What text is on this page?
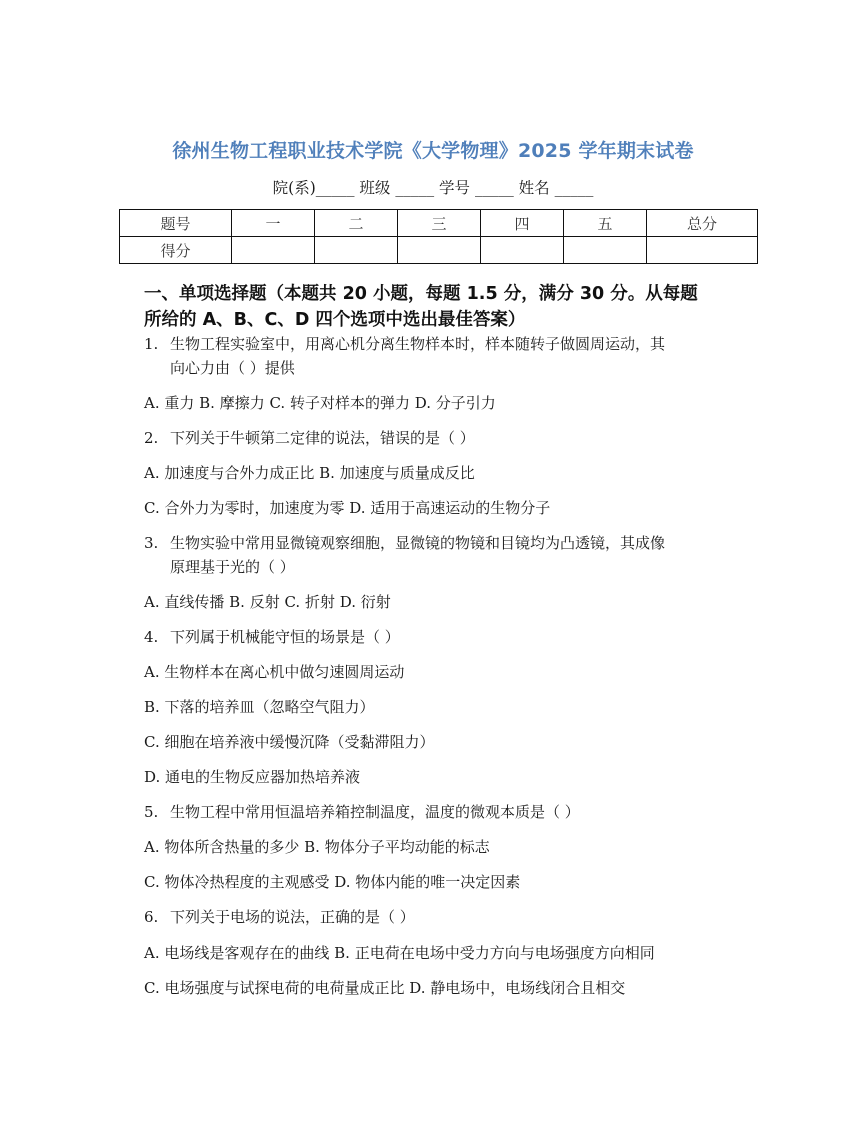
徐州生物工程职业技术学院《大学物理》2025 学年期末试卷
院(系)_____ 班级 _____ 学号 _____ 姓名 _____
题号	一	二	三	四	五	总分
得分						
一、单项选择题（本题共 20 小题，每题 1.5 分，满分 30 分。从每题
所给的 A、B、C、D 四个选项中选出最佳答案）
1. 生物工程实验室中，用离心机分离生物样本时，样本随转子做圆周运动，其
向心力由（ ）提供
A. 重力 B. 摩擦力 C. 转子对样本的弹力 D. 分子引力
2. 下列关于牛顿第二定律的说法，错误的是（ ）
A. 加速度与合外力成正比 B. 加速度与质量成反比
C. 合外力为零时，加速度为零 D. 适用于高速运动的生物分子
3. 生物实验中常用显微镜观察细胞，显微镜的物镜和目镜均为凸透镜，其成像
原理基于光的（ ）
A. 直线传播 B. 反射 C. 折射 D. 衍射
4. 下列属于机械能守恒的场景是（ ）
A. 生物样本在离心机中做匀速圆周运动
B. 下落的培养皿（忽略空气阻力）
C. 细胞在培养液中缓慢沉降（受黏滞阻力）
D. 通电的生物反应器加热培养液
5. 生物工程中常用恒温培养箱控制温度，温度的微观本质是（ ）
A. 物体所含热量的多少 B. 物体分子平均动能的标志
C. 物体冷热程度的主观感受 D. 物体内能的唯一决定因素
6. 下列关于电场的说法，正确的是（ ）
A. 电场线是客观存在的曲线 B. 正电荷在电场中受力方向与电场强度方向相同
C. 电场强度与试探电荷的电荷量成正比 D. 静电场中，电场线闭合且相交
